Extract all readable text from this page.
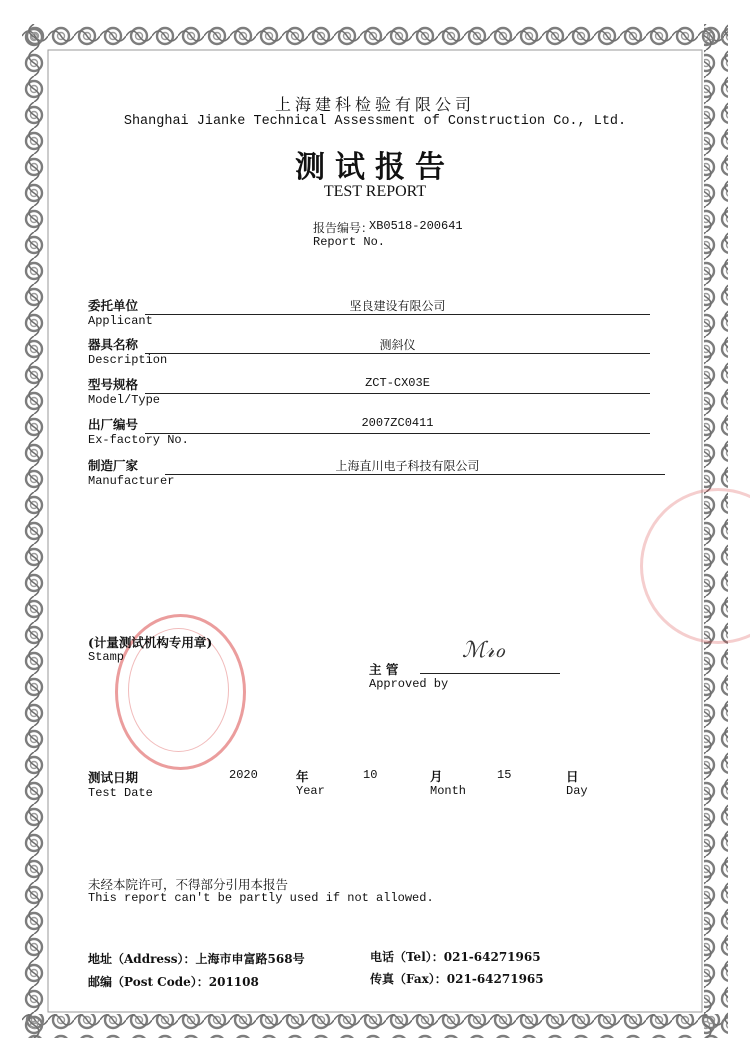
上海建科检验有限公司
Shanghai Jianke Technical Assessment of Construction Co., Ltd.
测试报告
TEST REPORT
报告编号：
XB0518-200641
Report No.
委托单位
Applicant
坚良建设有限公司
器具名称
Description
测斜仪
型号规格
Model/Type
ZCT-CX03E
出厂编号
Ex-factory No.
2007ZC0411
制造厂家
Manufacturer
上海直川电子科技有限公司
(计量测试机构专用章)
Stamp	ℳ𝓇ℴ
主 管
Approved by
测试日期
Test Date
2020	年
Year
10	月
Month
15	日
Day
未经本院许可，不得部分引用本报告
This report can't be partly used if not allowed.
地址（Address）：上海市申富路568号
邮编（Post Code）：201108
电话（Tel）：021-64271965
传真（Fax）：021-64271965
